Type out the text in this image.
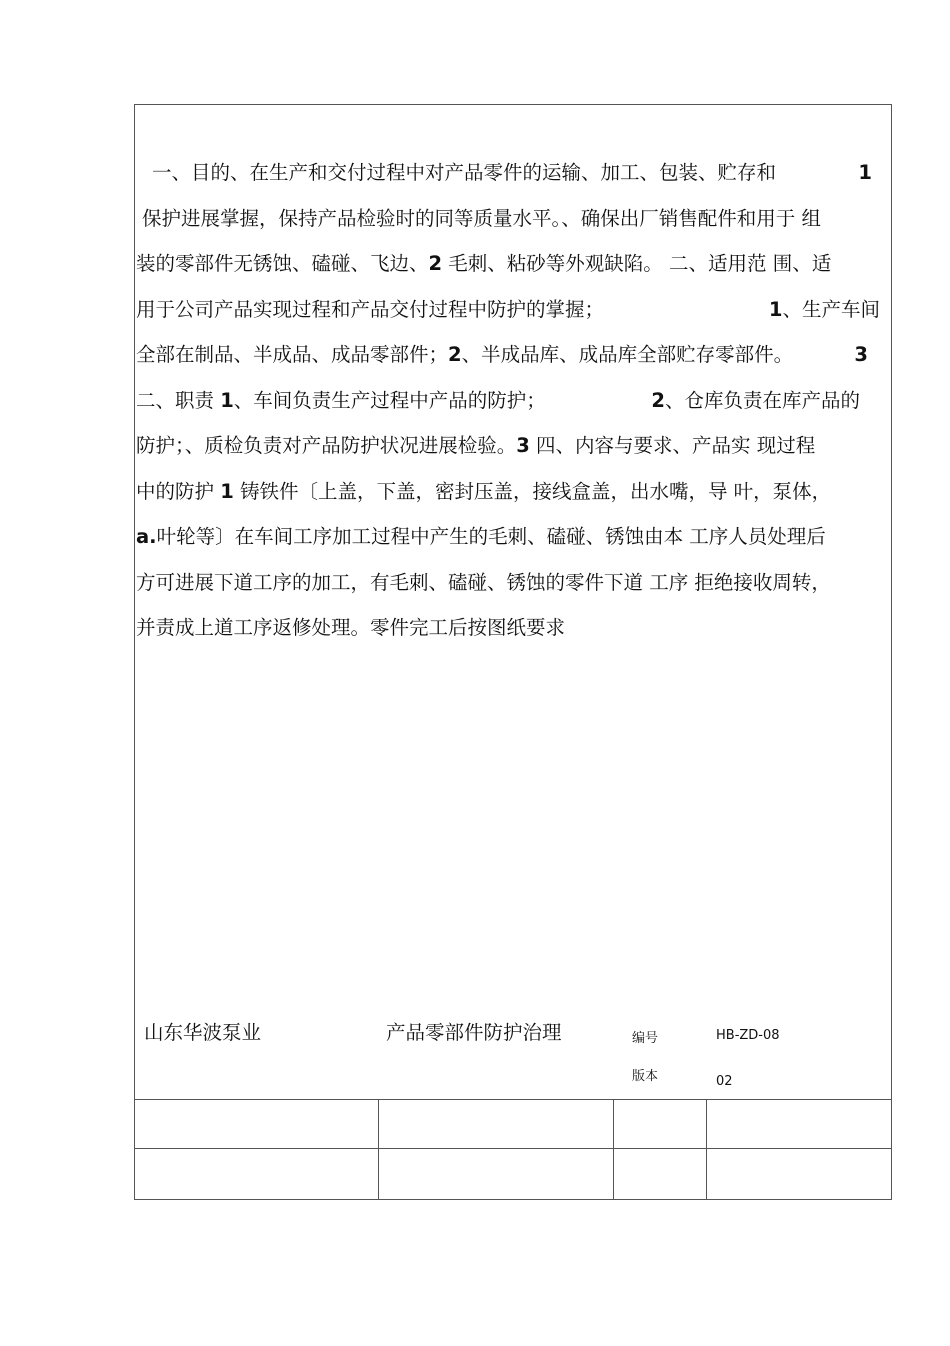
一、目的、在生产和交付过程中对产品零件的运输、加工、包装、贮存和	1
保护进展掌握，保持产品检验时的同等质量水平。、确保出厂销售配件和用于 组
装的零部件无锈蚀、磕碰、飞边、 2 毛刺、粘砂等外观缺陷。 二、适用范 围、适
用于公司产品实现过程和产品交付过程中防护的掌握；	1、生产车间
全部在制品、半成品、成品零部件；2、半成品库、成品库全部贮存零部件。	3
二、职责 1、车间负责生产过程中产品的防护；	2、仓库负责在库产品的
防护；、质检负责对产品防护状况进展检验。 3 四、内容与要求、产品实 现过程
中的防护 1 铸铁件〔上盖，下盖，密封压盖，接线盒盖，出水嘴，导 叶，泵体，
a. 叶轮等〕在车间工序加工过程中产生的毛刺、磕碰、锈蚀由本 工序人员处理后
方可进展下道工序的加工，有毛刺、磕碰、锈蚀的零件下道 工序 拒绝接收周转，
并责成上道工序返修处理。零件完工后按图纸要求
山东华波泵业	产品零部件防护治理	编号	HB-ZD-08
版本	02
